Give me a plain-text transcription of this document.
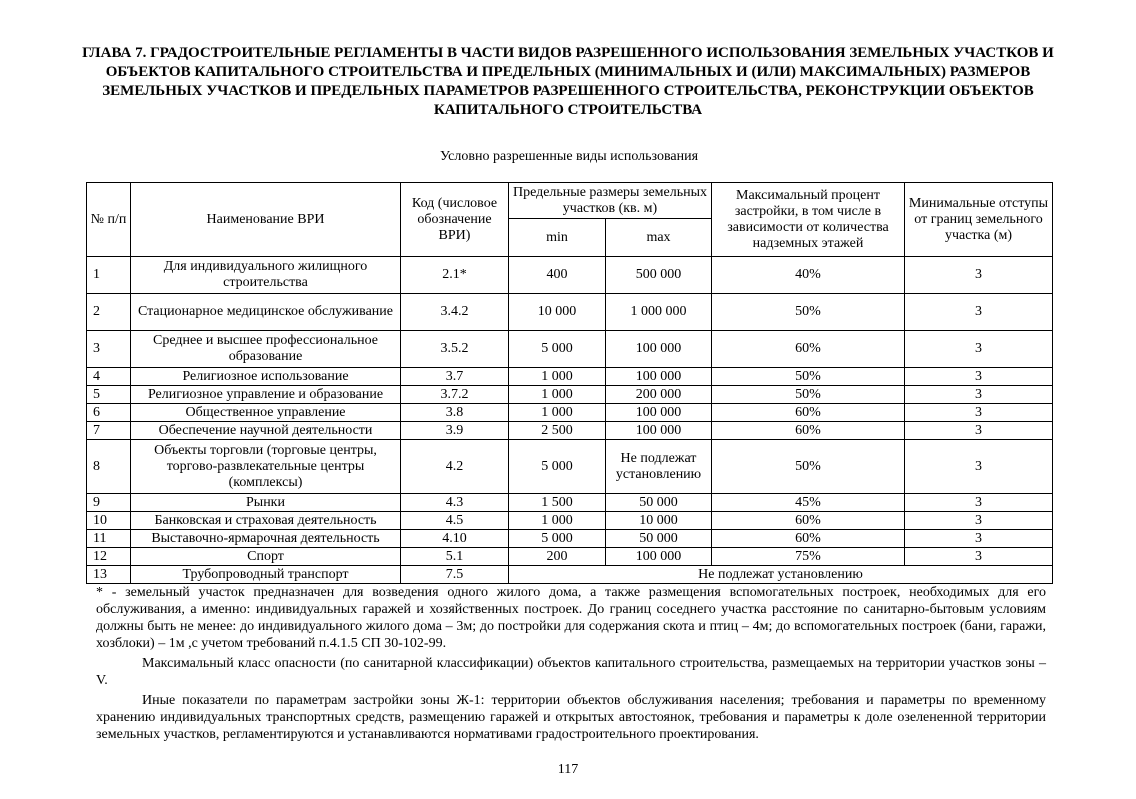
ГЛАВА 7. ГРАДОСТРОИТЕЛЬНЫЕ РЕГЛАМЕНТЫ В ЧАСТИ ВИДОВ РАЗРЕШЕННОГО ИСПОЛЬЗОВАНИЯ ЗЕМЕЛЬНЫХ УЧАСТКОВ И ОБЪЕКТОВ КАПИТАЛЬНОГО СТРОИТЕЛЬСТВА И ПРЕДЕЛЬНЫХ (МИНИМАЛЬНЫХ И (ИЛИ) МАКСИМАЛЬНЫХ) РАЗМЕРОВ ЗЕМЕЛЬНЫХ УЧАСТКОВ И ПРЕДЕЛЬНЫХ ПАРАМЕТРОВ РАЗРЕШЕННОГО СТРОИТЕЛЬСТВА, РЕКОНСТРУКЦИИ ОБЪЕКТОВ КАПИТАЛЬНОГО СТРОИТЕЛЬСТВА
Условно разрешенные виды использования
№ п/п	Наименование ВРИ	Код (числовое обозначение ВРИ)	Предельные размеры земельных участков (кв. м)		Максимальный процент застройки, в том числе в зависимости от количества надземных этажей	Минимальные отступы от границ земельного участка (м)
			min	max		
1	Для индивидуального жилищного строительства	2.1*	400	500 000	40%	3
2	Стационарное медицинское обслуживание	3.4.2	10 000	1 000 000	50%	3
3	Среднее и высшее профессиональное образование	3.5.2	5 000	100 000	60%	3
4	Религиозное использование	3.7	1 000	100 000	50%	3
5	Религиозное управление и образование	3.7.2	1 000	200 000	50%	3
6	Общественное управление	3.8	1 000	100 000	60%	3
7	Обеспечение научной деятельности	3.9	2 500	100 000	60%	3
8	Объекты торговли (торговые центры, торгово-развлекательные центры (комплексы)	4.2	5 000	Не подлежат установлению	50%	3
9	Рынки	4.3	1 500	50 000	45%	3
10	Банковская и страховая деятельность	4.5	1 000	10 000	60%	3
11	Выставочно-ярмарочная деятельность	4.10	5 000	50 000	60%	3
12	Спорт	5.1	200	100 000	75%	3
13	Трубопроводный транспорт	7.5	Не подлежат установлению			

* - земельный участок предназначен для возведения одного жилого дома, а также размещения вспомогательных построек, необходимых для его обслуживания, а именно: индивидуальных гаражей и хозяйственных построек. До границ соседнего участка расстояние по санитарно-бытовым условиям должны быть не менее: до индивидуального жилого дома – 3м; до постройки для содержания скота и птиц – 4м; до вспомогательных построек (бани, гаражи, хозблоки) – 1м ,с учетом требований п.4.1.5 СП 30-102-99.

Максимальный класс опасности (по санитарной классификации) объектов капитального строительства, размещаемых на территории участков зоны – V.

Иные показатели по параметрам застройки зоны Ж-1: территории объектов обслуживания населения; требования и параметры по временному хранению индивидуальных транспортных средств, размещению гаражей и открытых автостоянок, требования и параметры к доле озелененной территории земельных участков, регламентируются и устанавливаются нормативами градостроительного проектирования.

117
